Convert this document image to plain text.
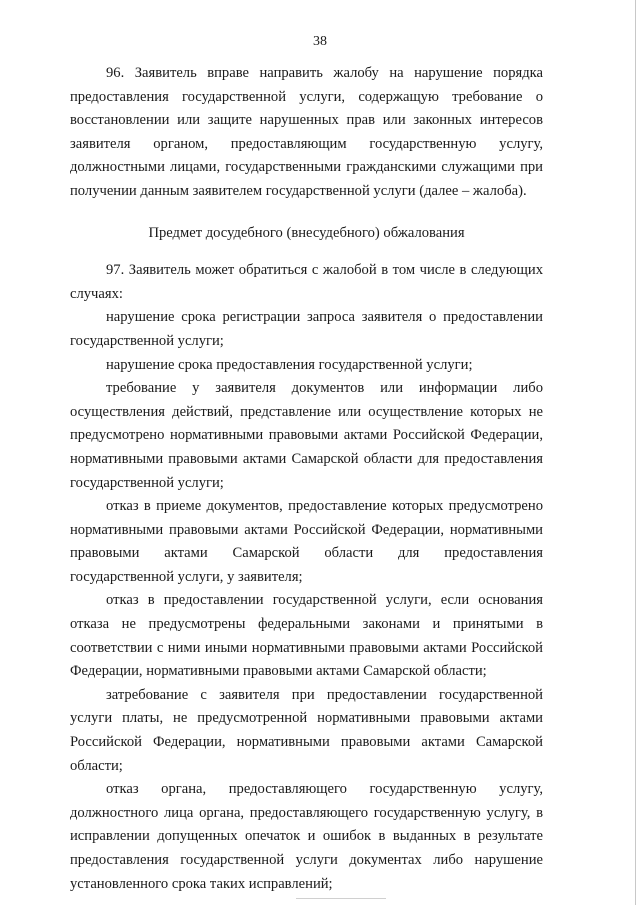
38

96. Заявитель вправе направить жалобу на нарушение порядка предоставления государственной услуги, содержащую требование о восстановлении или защите нарушенных прав или законных интересов заявителя органом, предоставляющим государственную услугу, должностными лицами, государственными гражданскими служащими при получении данным заявителем государственной услуги (далее – жалоба).

Предмет досудебного (внесудебного) обжалования

97. Заявитель может обратиться с жалобой в том числе в следующих случаях:

нарушение срока регистрации запроса заявителя о предоставлении государственной услуги;

нарушение срока предоставления государственной услуги;

требование у заявителя документов или информации либо осуществления действий, представление или осуществление которых не предусмотрено нормативными правовыми актами Российской Федерации, нормативными правовыми актами Самарской области для предоставления государственной услуги;

отказ в приеме документов, предоставление которых предусмотрено нормативными правовыми актами Российской Федерации, нормативными правовыми актами Самарской области для предоставления государственной услуги, у заявителя;

отказ в предоставлении государственной услуги, если основания отказа не предусмотрены федеральными законами и принятыми в соответствии с ними иными нормативными правовыми актами Российской Федерации, нормативными правовыми актами Самарской области;

затребование с заявителя при предоставлении государственной услуги платы, не предусмотренной нормативными правовыми актами Российской Федерации, нормативными правовыми актами Самарской области;

отказ органа, предоставляющего государственную услугу, должностного лица органа, предоставляющего государственную услугу, в исправлении допущенных опечаток и ошибок в выданных в результате предоставления государственной услуги документах либо нарушение установленного срока таких исправлений;
